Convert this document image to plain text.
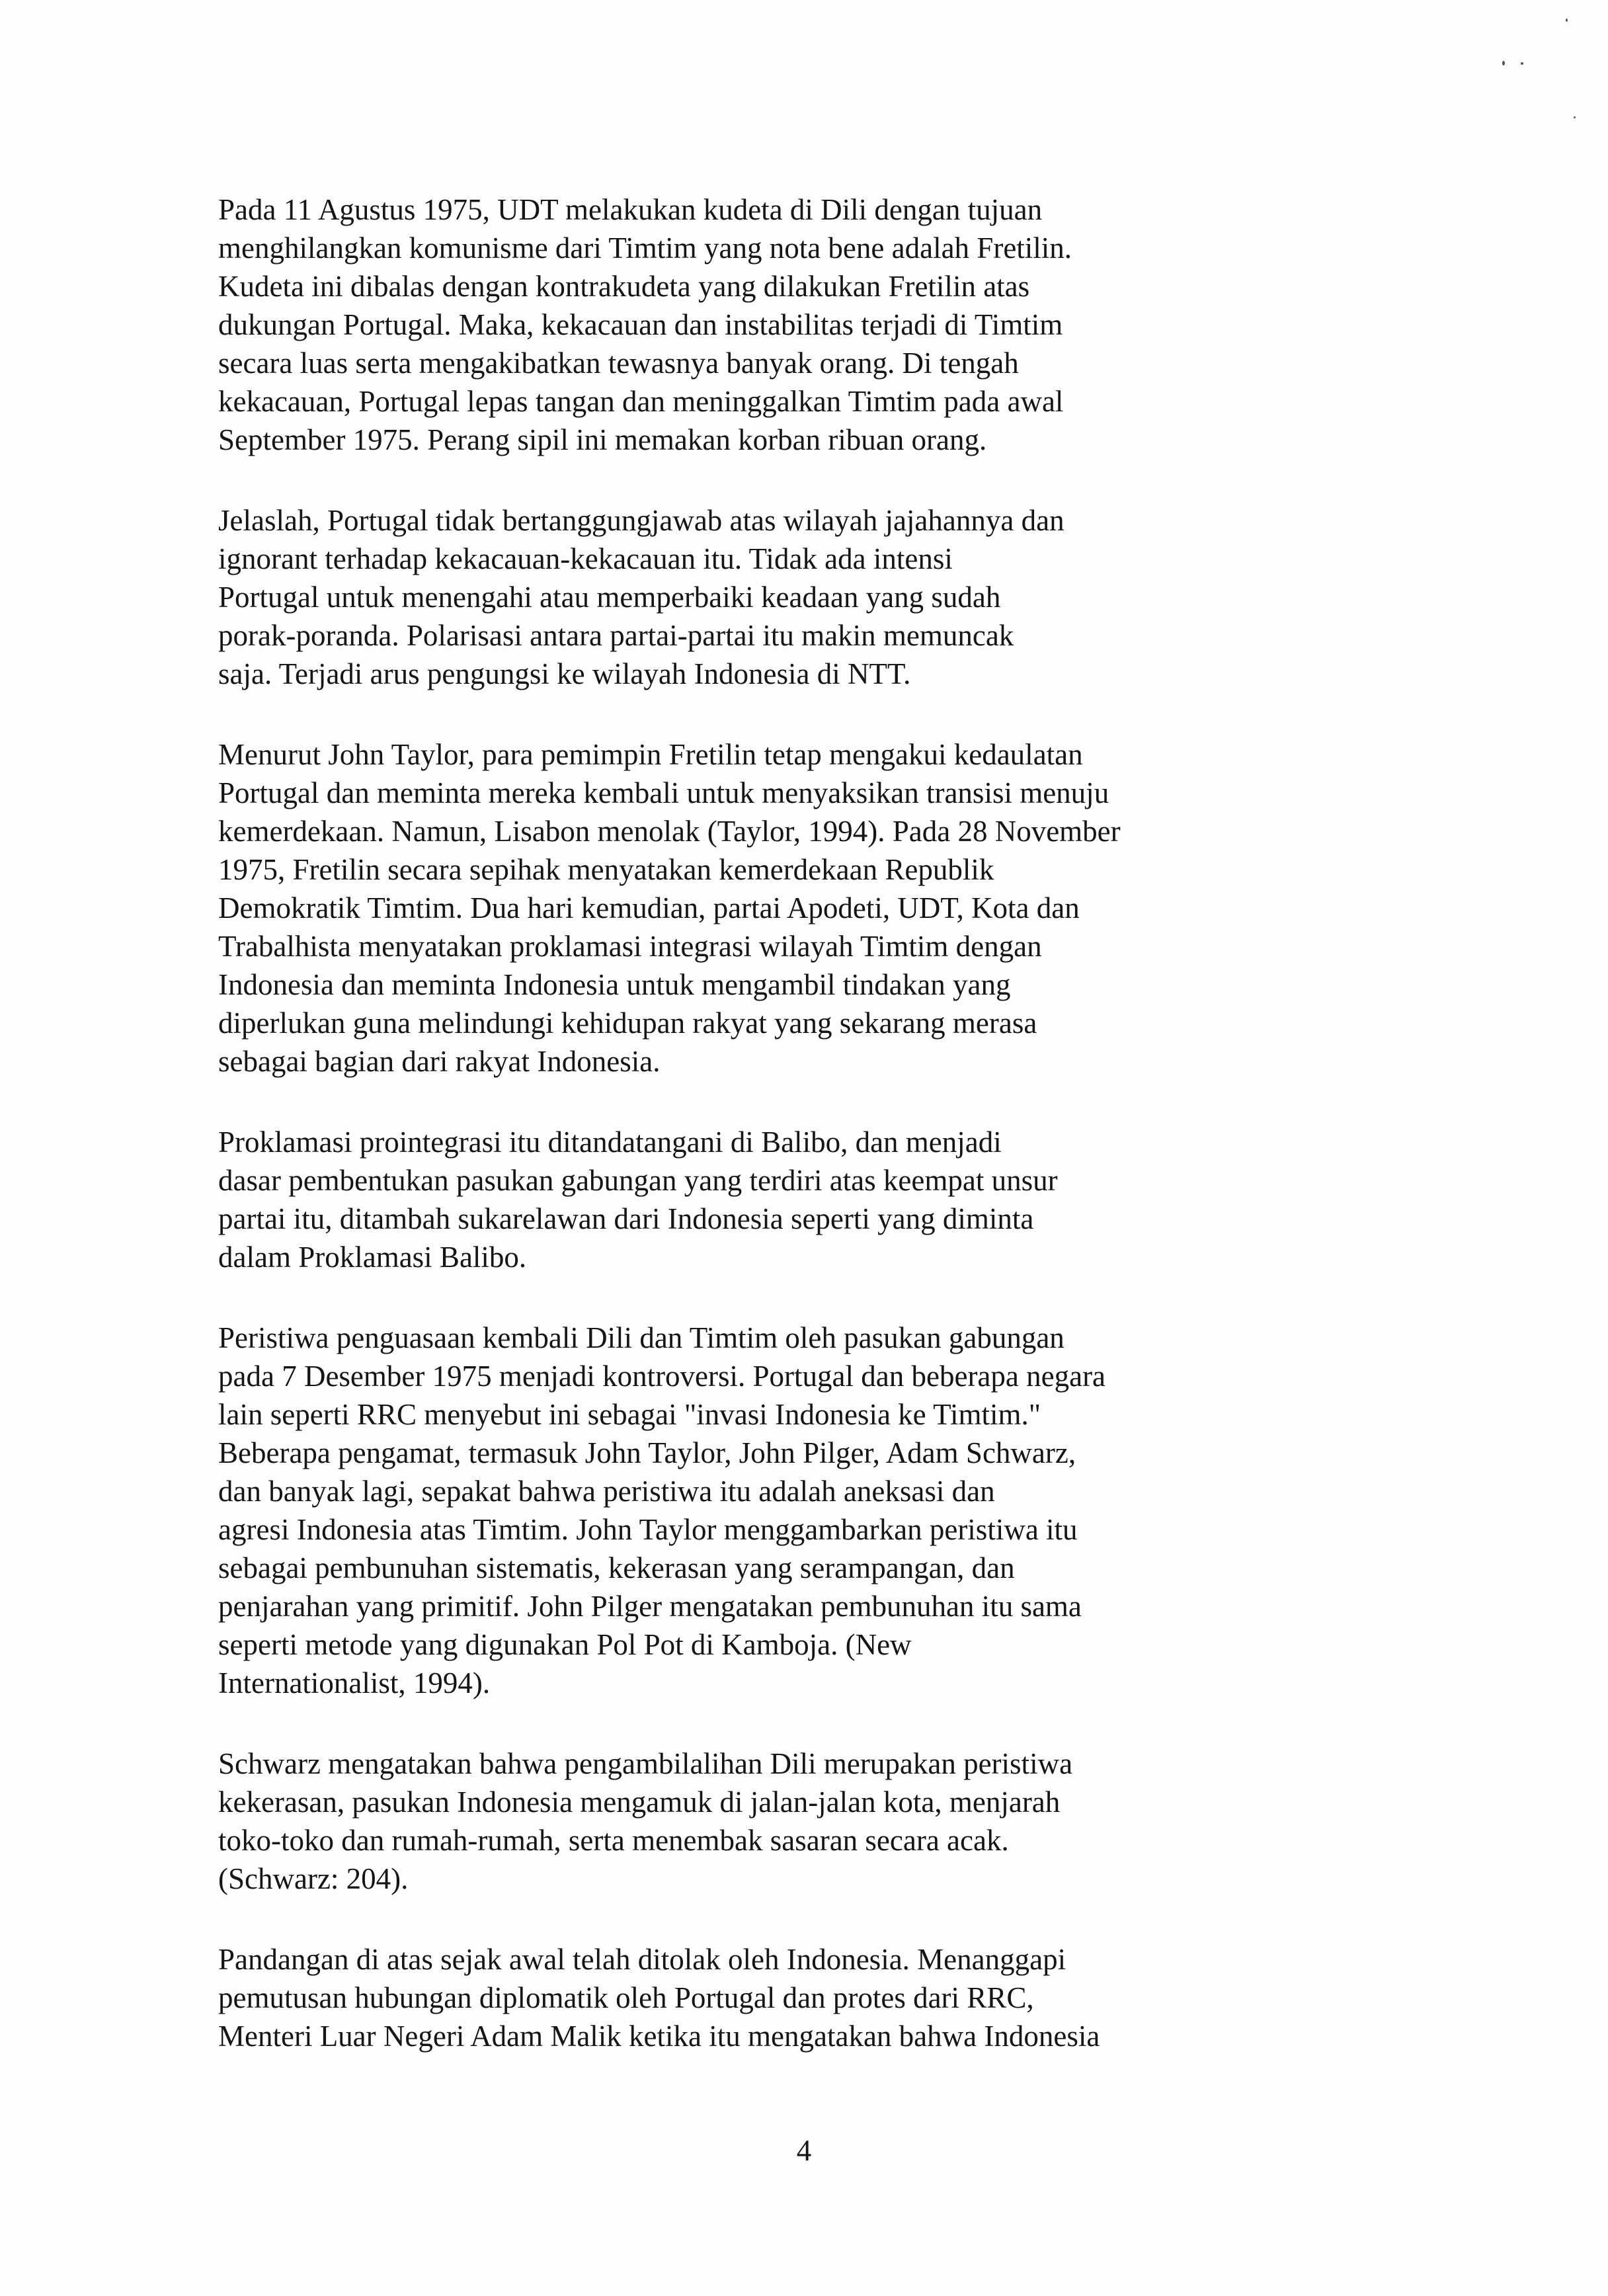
Pada 11 Agustus 1975, UDT melakukan kudeta di Dili dengan tujuan
menghilangkan komunisme dari Timtim yang nota bene adalah Fretilin.
Kudeta ini dibalas dengan kontrakudeta yang dilakukan Fretilin atas
dukungan Portugal. Maka, kekacauan dan instabilitas terjadi di Timtim
secara luas serta mengakibatkan tewasnya banyak orang. Di tengah
kekacauan, Portugal lepas tangan dan meninggalkan Timtim pada awal
September 1975. Perang sipil ini memakan korban ribuan orang.
Jelaslah, Portugal tidak bertanggungjawab atas wilayah jajahannya dan
ignorant terhadap kekacauan-kekacauan itu. Tidak ada intensi
Portugal untuk menengahi atau memperbaiki keadaan yang sudah
porak-poranda. Polarisasi antara partai-partai itu makin memuncak
saja. Terjadi arus pengungsi ke wilayah Indonesia di NTT.
Menurut John Taylor, para pemimpin Fretilin tetap mengakui kedaulatan
Portugal dan meminta mereka kembali untuk menyaksikan transisi menuju
kemerdekaan. Namun, Lisabon menolak (Taylor, 1994). Pada 28 November
1975, Fretilin secara sepihak menyatakan kemerdekaan Republik
Demokratik Timtim. Dua hari kemudian, partai Apodeti, UDT, Kota dan
Trabalhista menyatakan proklamasi integrasi wilayah Timtim dengan
Indonesia dan meminta Indonesia untuk mengambil tindakan yang
diperlukan guna melindungi kehidupan rakyat yang sekarang merasa
sebagai bagian dari rakyat Indonesia.
Proklamasi prointegrasi itu ditandatangani di Balibo, dan menjadi
dasar pembentukan pasukan gabungan yang terdiri atas keempat unsur
partai itu, ditambah sukarelawan dari Indonesia seperti yang diminta
dalam Proklamasi Balibo.
Peristiwa penguasaan kembali Dili dan Timtim oleh pasukan gabungan
pada 7 Desember 1975 menjadi kontroversi. Portugal dan beberapa negara
lain seperti RRC menyebut ini sebagai "invasi Indonesia ke Timtim."
Beberapa pengamat, termasuk John Taylor, John Pilger, Adam Schwarz,
dan banyak lagi, sepakat bahwa peristiwa itu adalah aneksasi dan
agresi Indonesia atas Timtim. John Taylor menggambarkan peristiwa itu
sebagai pembunuhan sistematis, kekerasan yang serampangan, dan
penjarahan yang primitif. John Pilger mengatakan pembunuhan itu sama
seperti metode yang digunakan Pol Pot di Kamboja. (New
Internationalist, 1994).
Schwarz mengatakan bahwa pengambilalihan Dili merupakan peristiwa
kekerasan, pasukan Indonesia mengamuk di jalan-jalan kota, menjarah
toko-toko dan rumah-rumah, serta menembak sasaran secara acak.
(Schwarz: 204).
Pandangan di atas sejak awal telah ditolak oleh Indonesia. Menanggapi
pemutusan hubungan diplomatik oleh Portugal dan protes dari RRC,
Menteri Luar Negeri Adam Malik ketika itu mengatakan bahwa Indonesia
4
